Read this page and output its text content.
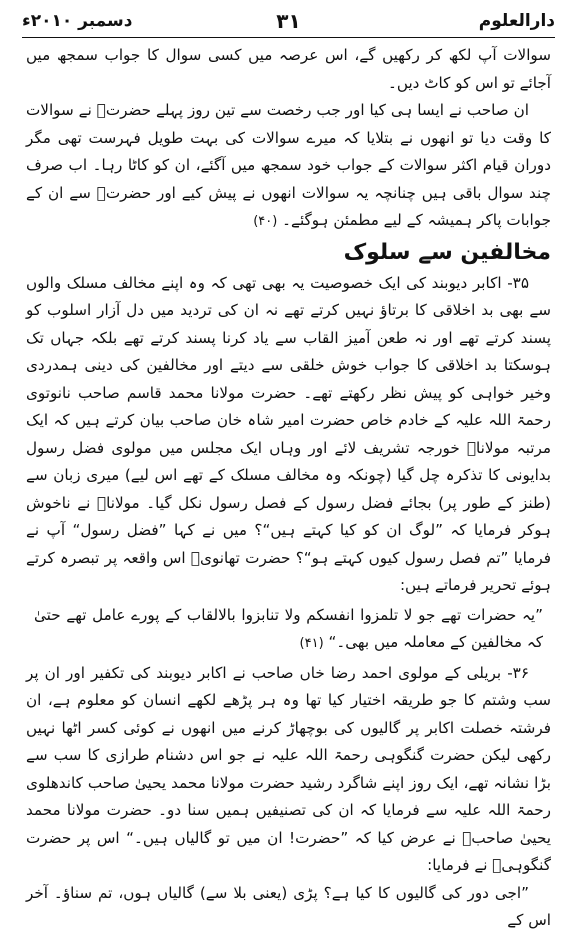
دارالعلوم
۳۱
دسمبر ۲۰۱۰ء

سوالات آپ لکھ کر رکھیں گے، اس عرصہ میں کسی سوال کا جواب سمجھ میں آجائے تو اس کو کاٹ دیں۔

ان صاحب نے ایسا ہی کیا اور جب رخصت سے تین روز پہلے حضرتؒ نے سوالات کا وقت دیا تو انھوں نے بتلایا کہ میرے سوالات کی بہت طویل فہرست تھی مگر دوران قیام اکثر سوالات کے جواب خود سمجھ میں آگئے، ان کو کاٹا رہا۔ اب صرف چند سوال باقی ہیں چنانچہ یہ سوالات انھوں نے پیش کیے اور حضرتؒ سے ان کے جوابات پاکر ہمیشہ کے لیے مطمئن ہوگئے۔ (۴۰)

مخالفین سے سلوک

۳۵- اکابر دیوبند کی ایک خصوصیت یہ بھی تھی کہ وہ اپنے مخالف مسلک والوں سے بھی بد اخلاقی کا برتاؤ نہیں کرتے تھے نہ ان کی تردید میں دل آزار اسلوب کو پسند کرتے تھے اور نہ طعن آمیز القاب سے یاد کرنا پسند کرتے تھے بلکہ جہاں تک ہوسکتا بد اخلاقی کا جواب خوش خلقی سے دیتے اور مخالفین کی دینی ہمدردی وخیر خواہی کو پیش نظر رکھتے تھے۔ حضرت مولانا محمد قاسم صاحب نانوتوی رحمۃ اللہ علیہ کے خادم خاص حضرت امیر شاہ خان صاحب بیان کرتے ہیں کہ ایک مرتبہ مولاناؒ خورجہ تشریف لائے اور وہاں ایک مجلس میں مولوی فضل رسول بدایونی کا تذکرہ چل گیا (چونکہ وہ مخالف مسلک کے تھے اس لیے) میری زبان سے (طنز کے طور پر) بجائے فضل رسول کے فصل رسول نکل گیا۔ مولاناؒ نے ناخوش ہوکر فرمایا کہ ”لوگ ان کو کیا کہتے ہیں“؟ میں نے کہا ”فضل رسول“ آپ نے فرمایا ”تم فصل رسول کیوں کہتے ہو“؟ حضرت تھانویؒ اس واقعہ پر تبصرہ کرتے ہوئے تحریر فرماتے ہیں:

”یہ حضرات تھے جو لا تلمزوا انفسکم ولا تنابزوا بالالقاب کے پورے عامل تھے حتیٰ کہ مخالفین کے معاملہ میں بھی۔“ (۴۱)

۳۶- بریلی کے مولوی احمد رضا خاں صاحب نے اکابر دیوبند کی تکفیر اور ان پر سب وشتم کا جو طریقہ اختیار کیا تھا وہ ہر پڑھے لکھے انسان کو معلوم ہے، ان فرشتہ خصلت اکابر پر گالیوں کی بوچھاڑ کرنے میں انھوں نے کوئی کسر اٹھا نہیں رکھی لیکن حضرت گنگوہی رحمۃ اللہ علیہ نے جو اس دشنام طرازی کا سب سے بڑا نشانہ تھے، ایک روز اپنے شاگرد رشید حضرت مولانا محمد یحییٰ صاحب کاندھلوی رحمۃ اللہ علیہ سے فرمایا کہ ان کی تصنیفیں ہمیں سنا دو۔ حضرت مولانا محمد یحییٰ صاحبؒ نے عرض کیا کہ ”حضرت! ان میں تو گالیاں ہیں۔“ اس پر حضرت گنگوہیؒ نے فرمایا:

”اجی دور کی گالیوں کا کیا ہے؟ پڑی (یعنی بلا سے) گالیاں ہوں، تم سناؤ۔ آخر اس کے
